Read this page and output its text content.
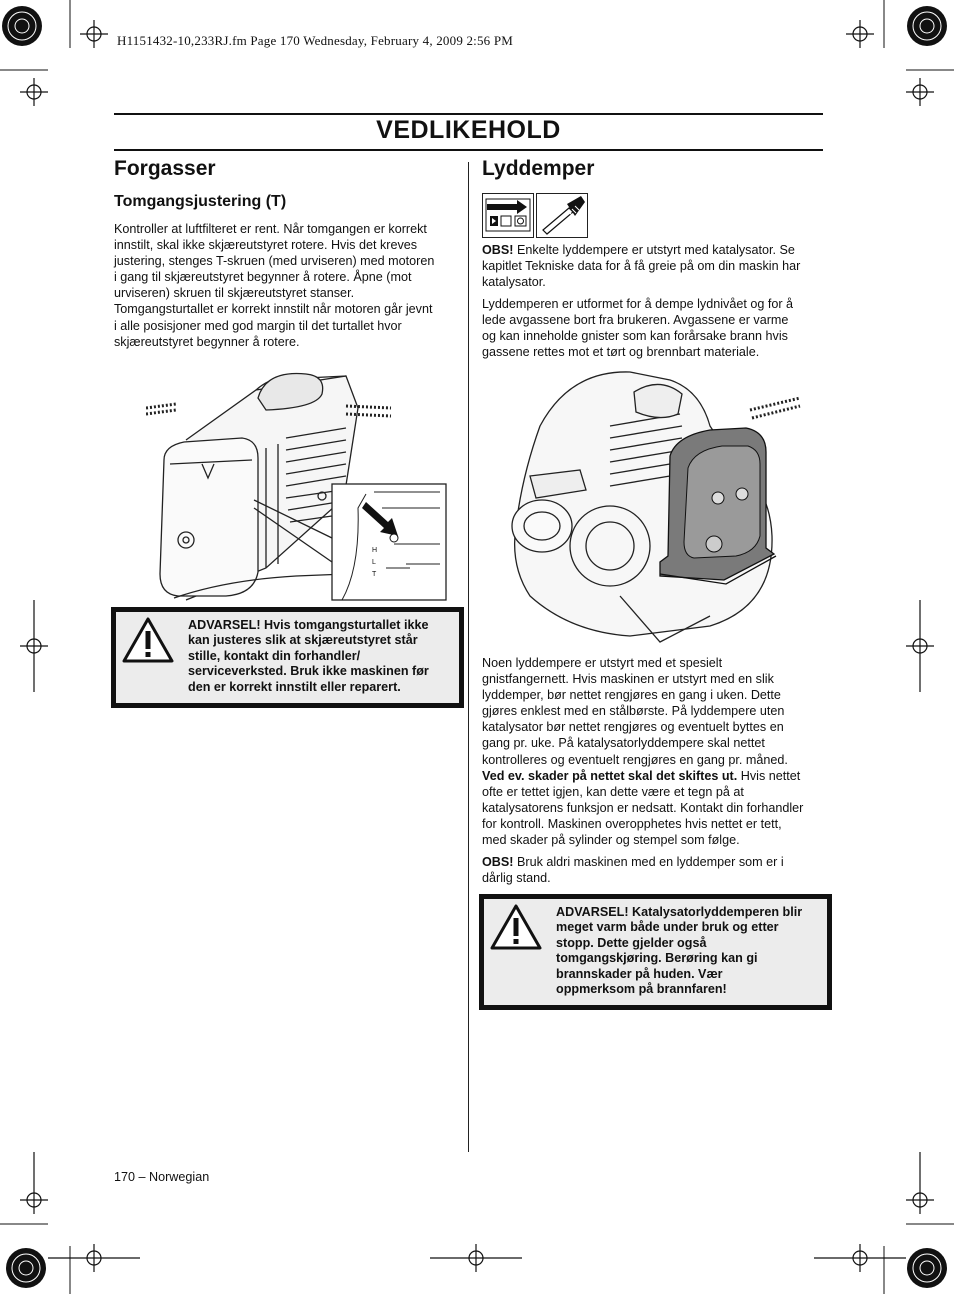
H1151432-10,233RJ.fm Page 170 Wednesday, February 4, 2009 2:56 PM
VEDLIKEHOLD
Forgasser
Tomgangsjustering (T)

Kontroller at luftfilteret er rent. Når tomgangen er korrekt

innstilt, skal ikke skjæreutstyret rotere. Hvis det kreves

justering, stenges T-skruen (med urviseren) med motoren

i gang til skjæreutstyret begynner å rotere. Åpne (mot

urviseren) skruen til skjæreutstyret stanser.

Tomgangsturtallet er korrekt innstilt når motoren går jevnt

i alle posisjoner med god margin til det turtallet hvor

skjæreutstyret begynner å rotere.

H
L
T
ADVARSEL! Hvis tomgangsturtallet ikke
kan justeres slik at skjæreutstyret står
stille, kontakt din forhandler/
serviceverksted. Bruk ikke maskinen før
den er korrekt innstilt eller reparert.
Lyddemper

OBS! Enkelte lyddempere er utstyrt med katalysator. Se

kapitlet Tekniske data for å få greie på om din maskin har

katalysator.

Lyddemperen er utformet for å dempe lydnivået og for å

lede avgassene bort fra brukeren. Avgassene er varme

og kan inneholde gnister som kan forårsake brann hvis

gassene rettes mot et tørt og brennbart materiale.

Noen lyddempere er utstyrt med et spesielt

gnistfangernett. Hvis maskinen er utstyrt med en slik

lyddemper, bør nettet rengjøres en gang i uken. Dette

gjøres enklest med en stålbørste. På lyddempere uten

katalysator bør nettet rengjøres og eventuelt byttes en

gang pr. uke. På katalysatorlyddempere skal nettet

kontrolleres og eventuelt rengjøres en gang pr. måned.

Ved ev. skader på nettet skal det skiftes ut. Hvis nettet

ofte er tettet igjen, kan dette være et tegn på at

katalysatorens funksjon er nedsatt. Kontakt din forhandler

for kontroll. Maskinen overopphetes hvis nettet er tett,

med skader på sylinder og stempel som følge.

OBS! Bruk aldri maskinen med en lyddemper som er i

dårlig stand.

ADVARSEL! Katalysatorlyddemperen blir
meget varm både under bruk og etter
stopp. Dette gjelder også
tomgangskjøring. Berøring kan gi
brannskader på huden. Vær
oppmerksom på brannfaren!
170 – Norwegian
